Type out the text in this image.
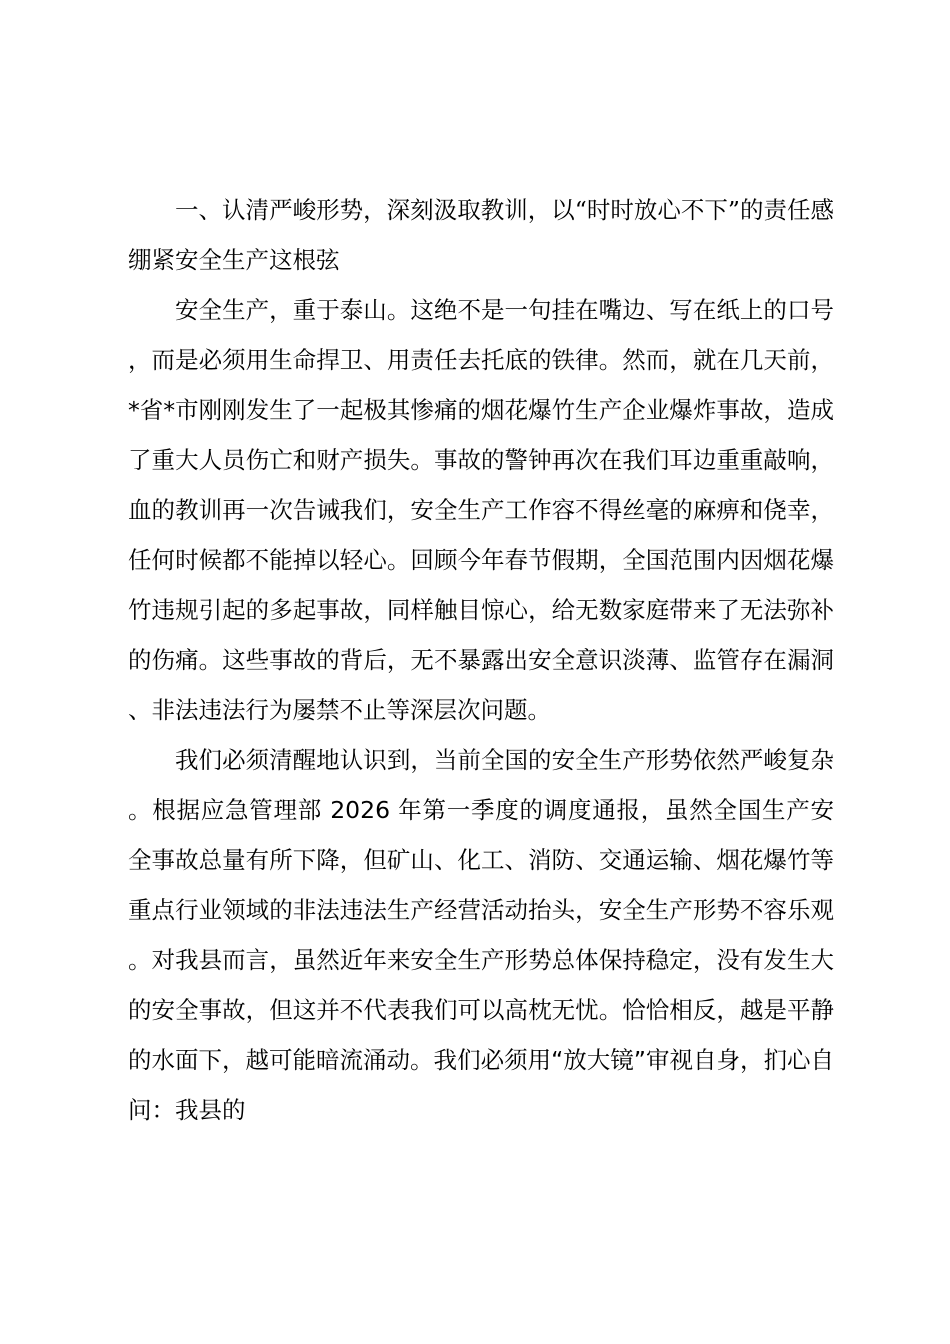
一、认清严峻形势，深刻汲取教训，以“时时放心不下”的责任感绷紧安全生产这根弦

安全生产，重于泰山。这绝不是一句挂在嘴边、写在纸上的口号，而是必须用生命捍卫、用责任去托底的铁律。然而，就在几天前，*省*市刚刚发生了一起极其惨痛的烟花爆竹生产企业爆炸事故，造成了重大人员伤亡和财产损失。事故的警钟再次在我们耳边重重敲响，血的教训再一次告诫我们，安全生产工作容不得丝毫的麻痹和侥幸，任何时候都不能掉以轻心。回顾今年春节假期，全国范围内因烟花爆竹违规引起的多起事故，同样触目惊心，给无数家庭带来了无法弥补的伤痛。这些事故的背后，无不暴露出安全意识淡薄、监管存在漏洞、非法违法行为屡禁不止等深层次问题。

我们必须清醒地认识到，当前全国的安全生产形势依然严峻复杂。根据应急管理部 2026 年第一季度的调度通报，虽然全国生产安全事故总量有所下降，但矿山、化工、消防、交通运输、烟花爆竹等重点行业领域的非法违法生产经营活动抬头，安全生产形势不容乐观。对我县而言，虽然近年来安全生产形势总体保持稳定，没有发生大的安全事故，但这并不代表我们可以高枕无忧。恰恰相反，越是平静的水面下，越可能暗流涌动。我们必须用“放大镜”审视自身，扪心自问：我县的
